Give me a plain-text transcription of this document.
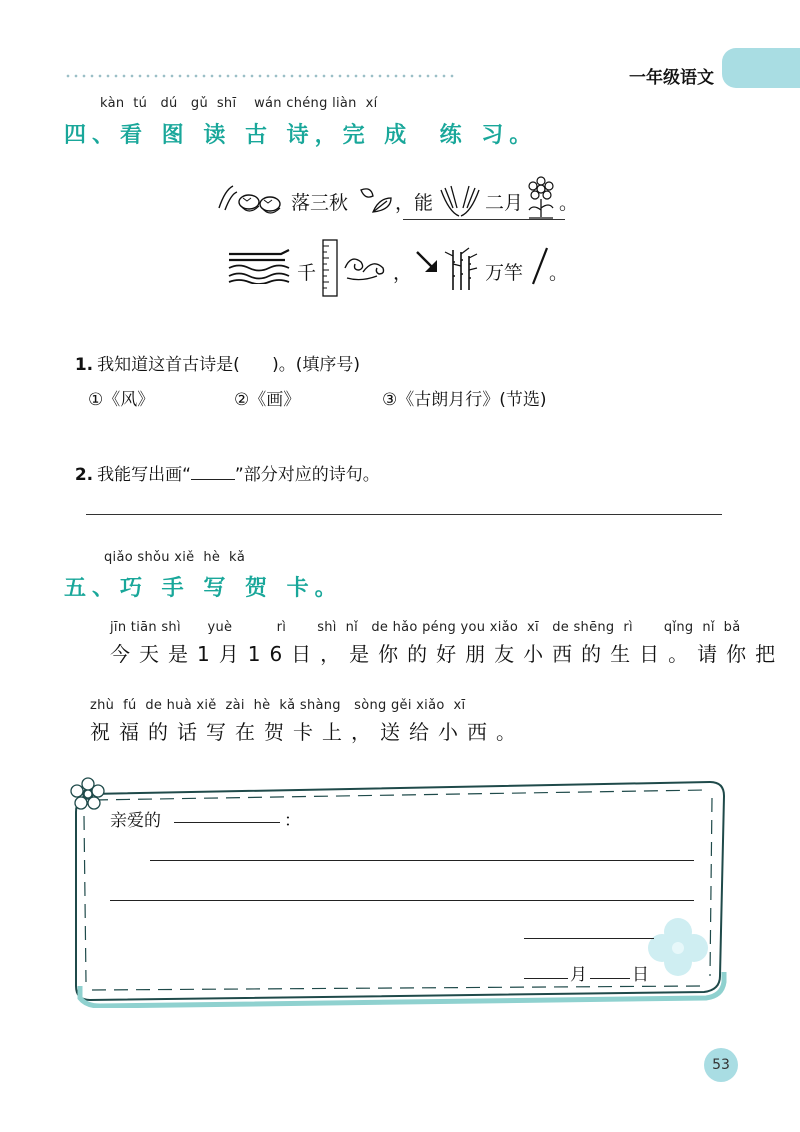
一年级语文
kàn  tú   dú   gǔ  shī    wán chéng liàn  xí
四、看 图 读 古 诗，完 成  练 习。
落三秋 ，能	二月 。
千	，	万竿 。

1. 我知道这首古诗是(      )。(填序号)

①《风》	②《画》	③《古朗月行》(节选)

2. 我能写出画“	”部分对应的诗句。

qiǎo shǒu xiě  hè  kǎ
五、巧 手 写 贺 卡。
jīn tiān shì      yuè          rì       shì  nǐ   de hǎo péng you xiǎo  xī   de shēng  rì       qǐng  nǐ  bǎ
今天是1月16日，是你的好朋友小西的生日。请你把
zhù  fú  de huà xiě  zài  hè  kǎ shàng   sòng gěi xiǎo  xī
祝福的话写在贺卡上，送给小西。
亲爱的	：
月	日
53
